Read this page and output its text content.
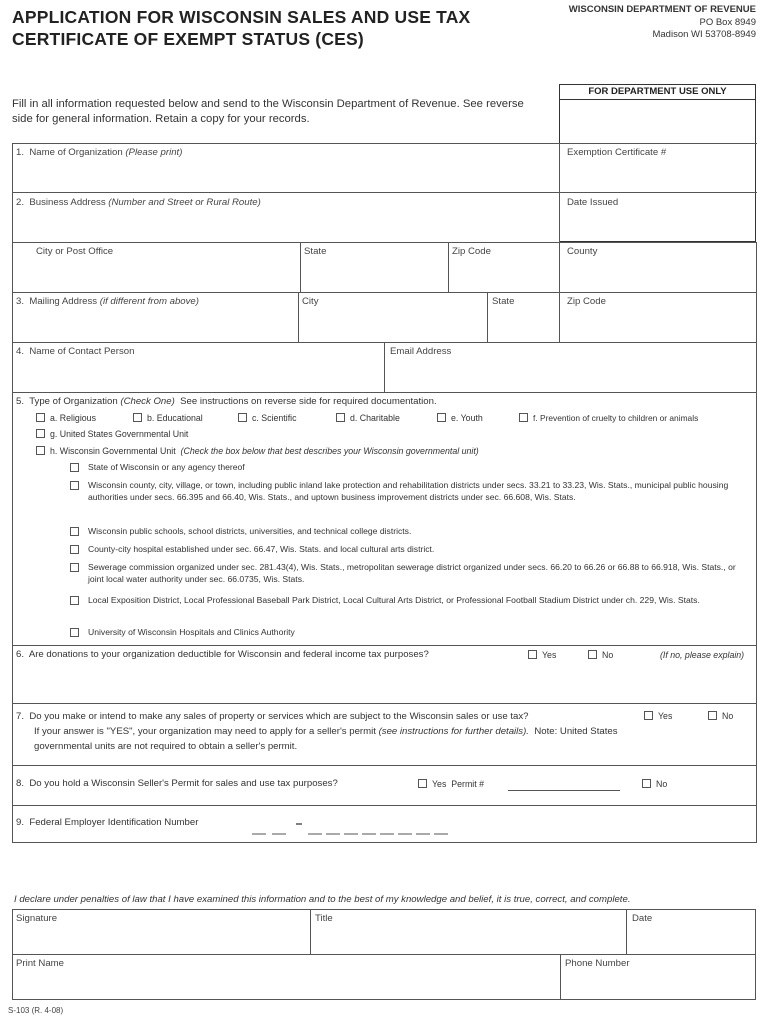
APPLICATION FOR WISCONSIN SALES AND USE TAX
CERTIFICATE OF EXEMPT STATUS (CES)
WISCONSIN DEPARTMENT OF REVENUE
PO Box 8949
Madison WI 53708-8949
Fill in all information requested below and send to the Wisconsin Department of Revenue. See reverse side for general information. Retain a copy for your records.
FOR DEPARTMENT USE ONLY
1. Name of Organization (Please print)	Exemption Certificate #
2. Business Address (Number and Street or Rural Route)	Date Issued
City or Post Office	State	Zip Code	County
3. Mailing Address (if different from above)	City	State	Zip Code
4. Name of Contact Person	Email Address
5. Type of Organization (Check One) See instructions on reverse side for required documentation.
a. Religious	b. Educational	c. Scientific	d. Charitable	e. Youth	f. Prevention of cruelty to children or animals
g. United States Governmental Unit
h. Wisconsin Governmental Unit (Check the box below that best describes your Wisconsin governmental unit)
State of Wisconsin or any agency thereof
Wisconsin county, city, village, or town, including public inland lake protection and rehabilitation districts under secs. 33.21 to 33.23, Wis. Stats., municipal public housing authorities under secs. 66.395 and 66.40, Wis. Stats., and uptown business improvement districts under sec. 66.608, Wis. Stats.
Wisconsin public schools, school districts, universities, and technical college districts.
County-city hospital established under sec. 66.47, Wis. Stats. and local cultural arts district.
Sewerage commission organized under sec. 281.43(4), Wis. Stats., metropolitan sewerage district organized under secs. 66.20 to 66.26 or 66.88 to 66.918, Wis. Stats., or joint local water authority under sec. 66.0735, Wis. Stats.
Local Exposition District, Local Professional Baseball Park District, Local Cultural Arts District, or Professional Football Stadium District under ch. 229, Wis. Stats.
University of Wisconsin Hospitals and Clinics Authority
6. Are donations to your organization deductible for Wisconsin and federal income tax purposes?	Yes	No	(If no, please explain)
7. Do you make or intend to make any sales of property or services which are subject to the Wisconsin sales or use tax?	Yes	No
If your answer is "YES", your organization may need to apply for a seller's permit (see instructions for further details). Note: United States
governmental units are not required to obtain a seller's permit.
8. Do you hold a Wisconsin Seller's Permit for sales and use tax purposes?	Yes Permit #	No
9. Federal Employer Identification Number
I declare under penalties of law that I have examined this information and to the best of my knowledge and belief, it is true, correct, and complete.
Signature	Title	Date
Print Name	Phone Number
S-103 (R. 4-08)
